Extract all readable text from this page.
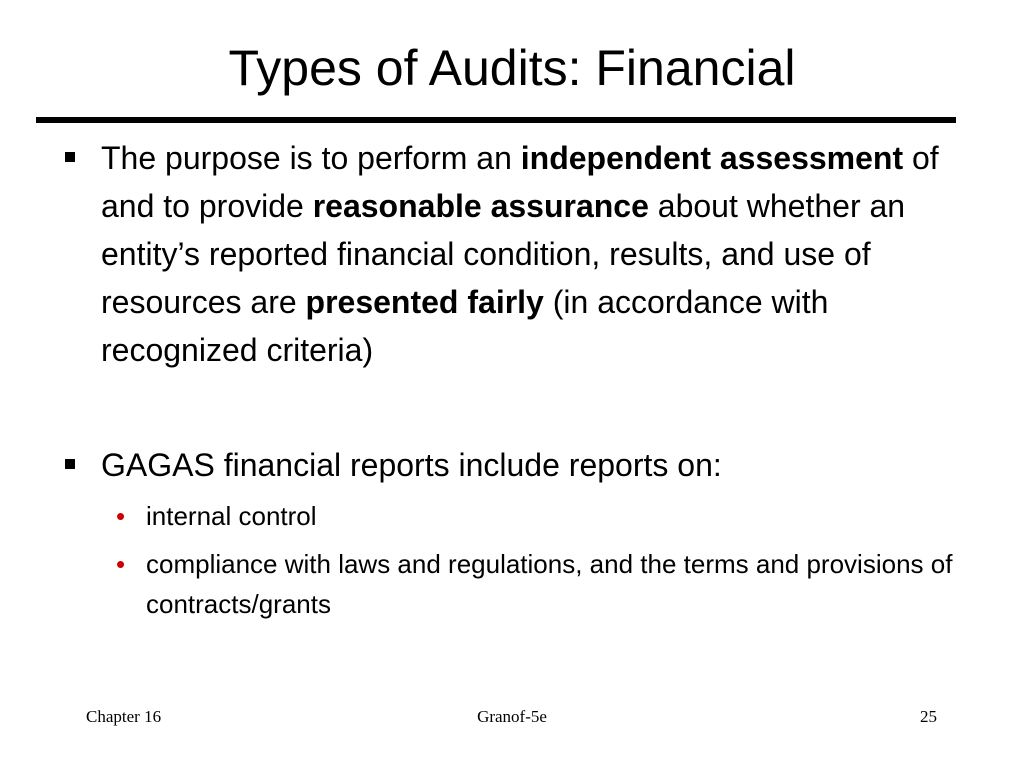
Types of Audits: Financial
The purpose is to perform an independent assessment of and to provide reasonable assurance about whether an entity’s reported financial condition, results, and use of resources are presented fairly (in accordance with recognized criteria)
GAGAS financial reports include reports on:
• internal control
• compliance with laws and regulations, and the terms and provisions of contracts/grants
Chapter 16	Granof-5e	25
